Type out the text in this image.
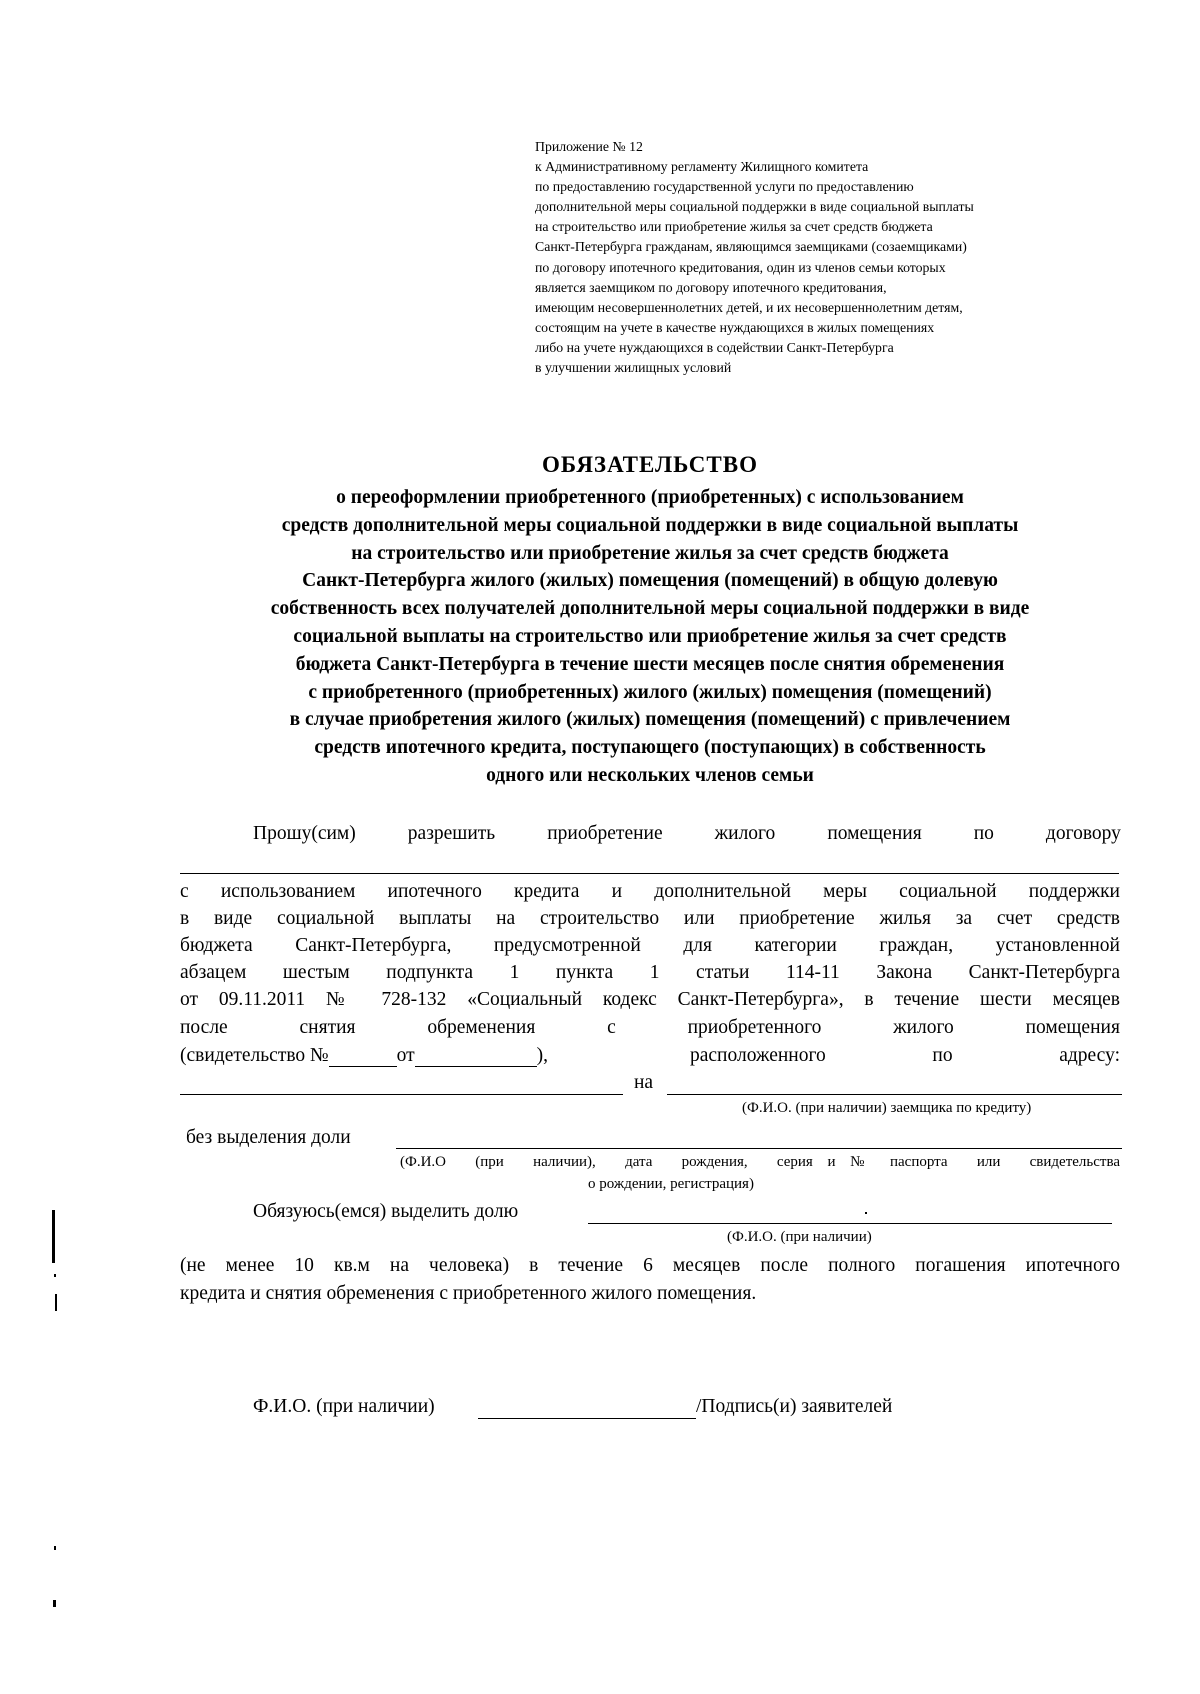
Приложение № 12
к Административному регламенту Жилищного комитета
по предоставлению государственной услуги по предоставлению
дополнительной меры социальной поддержки в виде социальной выплаты
на строительство или приобретение жилья за счет средств бюджета
Санкт-Петербурга гражданам, являющимся заемщиками (созаемщиками)
по договору ипотечного кредитования, один из членов семьи которых
является заемщиком по договору ипотечного кредитования,
имеющим несовершеннолетних детей, и их несовершеннолетним детям,
состоящим на учете в качестве нуждающихся в жилых помещениях
либо на учете нуждающихся в содействии Санкт-Петербурга
в улучшении жилищных условий
ОБЯЗАТЕЛЬСТВО
о переоформлении приобретенного (приобретенных) с использованием
средств дополнительной меры социальной поддержки в виде социальной выплаты
на строительство или приобретение жилья за счет средств бюджета
Санкт-Петербурга жилого (жилых) помещения (помещений) в общую долевую
собственность всех получателей дополнительной меры социальной поддержки в виде
социальной выплаты на строительство или приобретение жилья за счет средств
бюджета Санкт-Петербурга в течение шести месяцев после снятия обременения
с приобретенного (приобретенных) жилого (жилых) помещения (помещений)
в случае приобретения жилого (жилых) помещения (помещений) с привлечением
средств ипотечного кредита, поступающего (поступающих) в собственность
одного или нескольких членов семьи
Прошу(сим)	разрешить	приобретение	жилого	помещения	по	договору
с использованием ипотечного кредита и дополнительной меры социальной поддержки
в виде социальной выплаты на строительство или приобретение жилья за счет средств
бюджета Санкт-Петербурга, предусмотренной для категории граждан, установленной
абзацем шестым подпункта 1 пункта 1 статьи 114-11 Закона Санкт-Петербурга
от 09.11.2011 № 728-132 «Социальный кодекс Санкт-Петербурга», в течение шести месяцев
после	снятия	обременения	с	приобретенного	жилого	помещения
(свидетельство №	от	),	расположенного	по	адресу:
на
(Ф.И.О. (при наличии) заемщика по кредиту)
без выделения доли
(Ф.И.О  (при  наличии),  дата  рождения,  серия и № паспорта  или  свидетельства
о рождении, регистрация)
Обязуюсь(емся) выделить долю
(Ф.И.О. (при наличии)
(не менее 10 кв.м на человека) в течение 6 месяцев после полного погашения ипотечного
кредита и снятия обременения с приобретенного жилого помещения.
Ф.И.О. (при наличии)	/Подпись(и) заявителей
